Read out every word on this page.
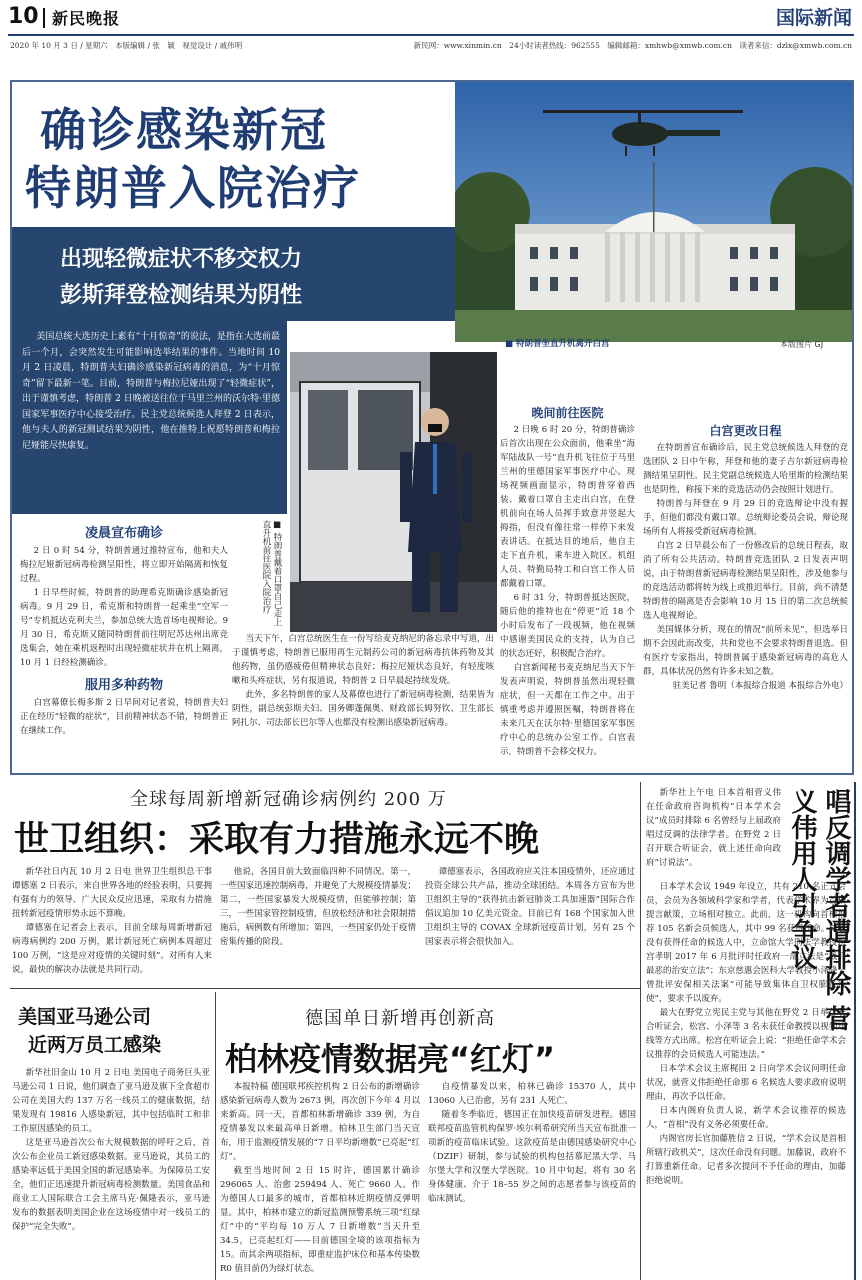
10 新民晚报	国际新闻
2020 年 10 月 3 日 / 星期六　本版编辑 / 张　颖　视觉设计 / 戚伟明	新民网：www.xinmin.cn　24小时读者热线：962555　编辑邮箱：xmhwb@xmwb.com.cn　读者来信：dzlx@xmwb.com.cn
本版图片 GJ
确诊感染新冠
特朗普入院治疗
出现轻微症状不移交权力
彭斯拜登检测结果为阴性
■ 特朗普坐直升机离开白宫
美国总统大选历史上素有“十月惊奇”的说法，是指在大选前最后一个月，会突然发生可能影响选举结果的事件。当地时间 10 月 2 日凌晨，特朗普夫妇确诊感染新冠病毒的消息，为“十月惊奇”留下最新一笔。目前，特朗普与梅拉尼娅出现了“轻微症状”，出于谨慎考虑，特朗普 2 日晚被送往位于马里兰州的沃尔特·里德国家军事医疗中心接受治疗。民主党总统候选人拜登 2 日表示，他与夫人的新冠测试结果为阴性，他在推特上祝愿特朗普和梅拉尼娅能尽快康复。
■ 特朗普戴着口罩自己走上直升机前往医院入院治疗
凌晨宣布确诊

2 日 0 时 54 分，特朗普通过推特宣布，他和夫人梅拉尼娅新冠病毒检测呈阳性，将立即开始隔离和恢复过程。

1 日早些时候，特朗普的助理希克斯确诊感染新冠病毒。9 月 29 日，希克斯和特朗普一起乘坐“空军一号”专机抵达克利夫兰，参加总统大选首场电视辩论。9 月 30 日，希克斯又随同特朗普前往明尼苏达州出席竞选集会，她在乘机返程时出现轻微症状并在机上隔离，10 月 1 日经检测确诊。

服用多种药物

白宫幕僚长梅多斯 2 日早间对记者说，特朗普夫妇正在经历“轻微的症状”，目前精神状态不错，特朗普正在继续工作。

当天下午，白宫总统医生在一份写给麦克纳尼的备忘录中写道，出于谨慎考虑，特朗普已服用再生元制药公司的新冠病毒抗体药物及其他药物，虽仍感疲倦但精神状态良好；梅拉尼娅状态良好，有轻度咳嗽和头疼症状，另有报道说，特朗普 2 日早晨起持续发烧。

此外，多名特朗普的家人及幕僚也进行了新冠病毒检测，结果皆为阴性，副总统彭斯夫妇、国务卿蓬佩奥、财政部长姆努钦、卫生部长阿扎尔、司法部长巴尔等人也都没有检测出感染新冠病毒。

晚间前往医院

2 日晚 6 时 20 分，特朗普确诊后首次出现在公众面前，他乘坐“海军陆战队一号”直升机飞往位于马里兰州的里德国家军事医疗中心。现场视频画面显示，特朗普穿着西装、戴着口罩自主走出白宫，在登机前向在场人员挥手致意并竖起大拇指，但没有像往常一样停下来发表讲话。在抵达目的地后，他自主走下直升机，乘车进入院区。机组人员、特勤局特工和白宫工作人员都戴着口罩。

6 时 31 分，特朗普抵达医院，随后他的推特也在“停更”近 18 个小时后发布了一段视频，他在视频中感谢美国民众的支持，认为自己的状态还好，积极配合治疗。

白宫新闻秘书麦克纳尼当天下午发表声明说，特朗普虽然出现轻微症状，但一天都在工作之中。出于慎重考虑并遵照医嘱，特朗普将在未来几天在沃尔特·里德国家军事医疗中心的总统办公室工作。白宫表示，特朗普不会移交权力。

白宫更改日程

在特朗普宣布确诊后，民主党总统候选人拜登的竞选团队 2 日中午称，拜登和他的妻子吉尔新冠病毒检测结果呈阴性。民主党副总统候选人哈里斯的检测结果也是阴性，称接下来的竞选活动仍会按照计划进行。

特朗普与拜登在 9 月 29 日的竞选辩论中没有握手，但他们都没有戴口罩。总统辩论委员会说，辩论现场所有人将接受新冠病毒检测。

白宫 2 日早晨公布了一份修改后的总统日程表，取消了所有公共活动。特朗普竞选团队 2 日发表声明说，由于特朗普新冠病毒检测结果呈阳性，涉及他参与的竞选活动都将转为线上或推迟举行。目前，尚不清楚特朗普的隔离是否会影响 10 月 15 日的第二次总统候选人电视辩论。

美国媒体分析，现在的情况“前所未见”，但选举日期不会因此而改变，共和党也不会要求特朗普退选。但有医疗专家指出，特朗普属于感染新冠病毒的高危人群，具体状况仍然有许多未知之数。

驻美记者 鲁明（本报综合报道 本报综合外电）

全球每周新增新冠确诊病例约 200 万
世卫组织：采取有力措施永远不晚

新华社日内瓦 10 月 2 日电 世界卫生组织总干事谭德塞 2 日表示，来自世界各地的经验表明，只要拥有强有力的领导、广大民众反应迅速，采取有力措施扭转新冠疫情形势永远不算晚。

谭德塞在记者会上表示，目前全球每周新增新冠病毒病例约 200 万例，累计新冠死亡病例本周超过 100 万例，“这是应对疫情的关键时刻”。对所有人来说，最快的解决办法就是共同行动。

他说，各国目前大致面临四种不同情况。第一，一些国家迅速控制病毒，并避免了大规模疫情暴发；第二，一些国家暴发大规模疫情，但能够控制；第三，一些国家管控制疫情，但放松经济和社会限制措施后，病例数有所增加；第四，一些国家仍处于疫情密集传播的阶段。

谭德塞表示，各国政府应关注本国疫情外，还应通过投资全球公共产品，推动全球团结。本周各方宣布为世卫组织主导的“获得抗击新冠肺炎工具加速器”国际合作倡议追加 10 亿美元资金。目前已有 168 个国家加入世卫组织主导的 COVAX 全球新冠疫苗计划，另有 25 个国家表示将会很快加入。	唱反调学者遭排除 菅义伟用人引争议

新华社上午电 日本首相菅义伟在任命政府咨询机构“日本学术会议”成员时排除 6 名曾经与上届政府唱过反调的法律学者。在野党 2 日召开联合听证会，就上述任命向政府“讨说法”。

日本学术会议 1949 年设立，共有 210 名正式会员，会员为各领域科学家和学者，代表学术界为首相提言献策，立场相对独立。此前，这一机构向首相推荐 105 名新会员候选人，其中 99 名获得任命。6 名没有获得任命的候选人中，立命馆大学刑法学教授松宫孝明 2017 年 6 月批评时任政府一部立法是“战后最恶的治安立法”；东京慈惠会医科大学教授小泽隆一曾批评安保相关法案“可能导致集体自卫权膨胀行使”，要求予以废弃。

最大在野党立宪民主党与其他在野党 2 日举行联合听证会，松宫、小泽等 3 名未获任命教授以视频连线等方式出席。松宫在听证会上说：“拒绝任命学术会议推荐的会员候选人可能违法。”

日本学术会议主席梶田 2 日向学术会议问明任命状况，就菅义伟拒绝任命那 6 名候选人要求政府说明理由，再次予以任命。

日本内阁府负责人说，新学术会议推荐的候选人，“首相”没有义务必须要任命。

内阁官房长官加藤胜信 2 日说，“学术会议是首相所辖行政机关”，这次任命没有问题。加藤说，政府不打算重新任命。记者多次提问不予任命的理由，加藤拒绝说明。

美国亚马逊公司
近两万员工感染

新华社旧金山 10 月 2 日电 美国电子商务巨头亚马逊公司 1 日说，他们调查了亚马逊及旗下全食超市公司在美国大约 137 万名一线员工的健康数据，结果发现有 19816 人感染新冠，其中包括临时工和非工作原因感染的员工。

这是亚马逊首次公布大规模数据的呼吁之后，首次公布企业员工新冠感染数据。亚马逊说，其员工的感染率远低于美国全国的新冠感染率。为保障员工安全，他们正迅速提升新冠病毒检测数量。美国食品和商业工人国际联合工会主席马克·佩隆表示，亚马逊发布的数据表明美国企业在这场疫情中对一线员工的保护“完全失败”。

德国单日新增再创新高
柏林疫情数据亮“红灯”

本报特稿 德国联邦疾控机构 2 日公布的新增确诊感染新冠病毒人数为 2673 例，再次创下今年 4 月以来新高。同一天，首都柏林新增确诊 339 例，为自疫情暴发以来最高单日新增。柏林卫生部门当天宣布，用于监测疫情发展的“7 日平均新增数”已亮起“红灯”。

截至当地时间 2 日 15 时许，德国累计确诊 296065 人、治愈 259494 人、死亡 9660 人。作为德国人口最多的城市，首都柏林近期疫情反弹明显。其中，柏林市建立的新冠监测预警系统三项“红绿灯”中的“平均每 10 万人 7 日新增数”当天升至 34.5，已亮起红灯——目前德国全境的该项指标为 15。而其余两项指标，即重症监护床位和基本传染数 R0 值目前仍为绿灯状态。

自疫情暴发以来，柏林已确诊 15370 人，其中 13060 人已治愈，另有 231 人死亡。

随着冬季临近，德国正在加快疫苗研发进程。德国联邦疫苗监管机构保罗·埃尔利希研究所当天宣布批准一项新的疫苗临床试验。这款疫苗是由德国感染研究中心（DZIF）研制，参与试验的机构包括慕尼黑大学、马尔堡大学和汉堡大学医院。10 月中旬起，将有 30 名身体健康、介于 18–55 岁之间的志愿者参与该疫苗的临床测试。
